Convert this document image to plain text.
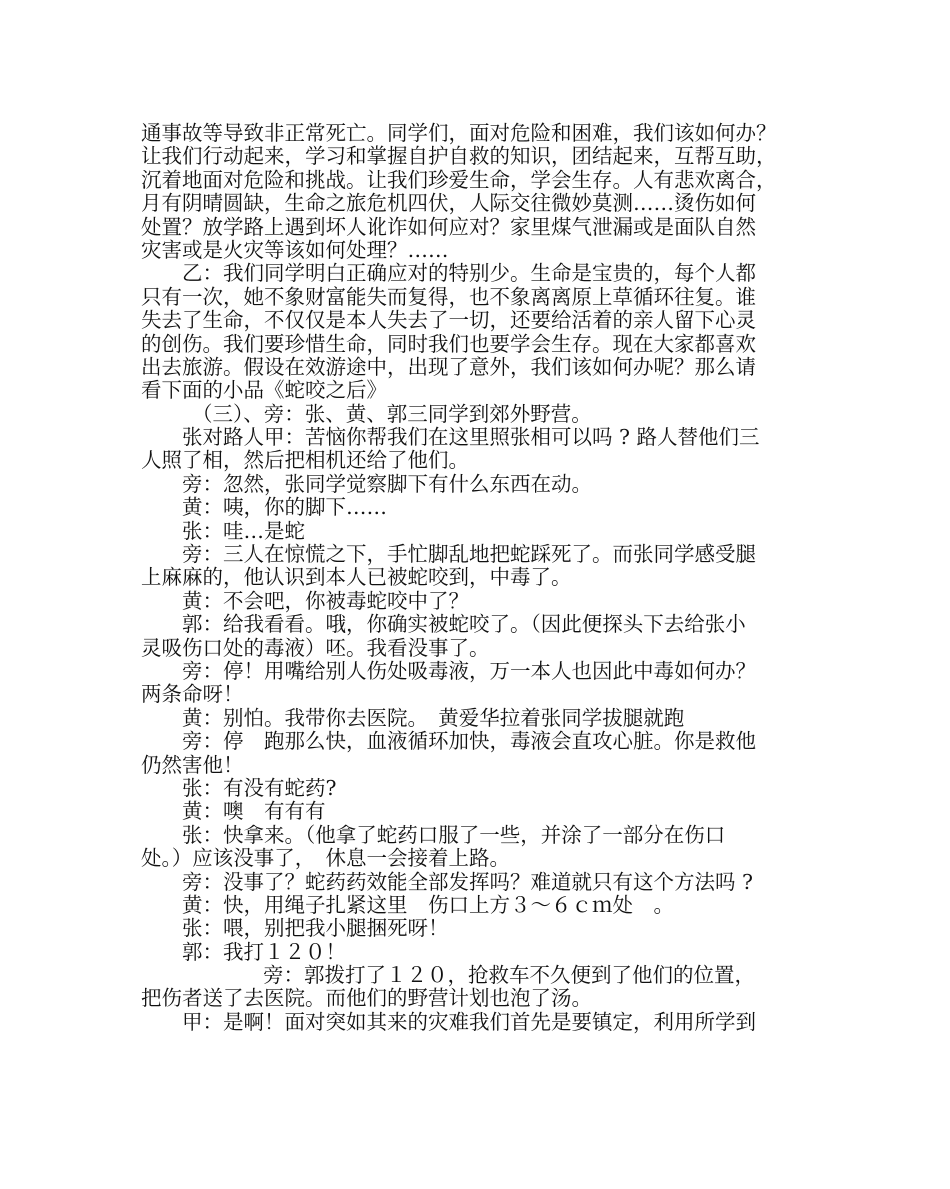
通事故等导致非正常死亡。同学们，面对危险和困难，我们该如何办？
让我们行动起来，学习和掌握自护自救的知识，团结起来，互帮互助，
沉着地面对危险和挑战。让我们珍爱生命，学会生存。人有悲欢离合，
月有阴晴圆缺，生命之旅危机四伏，人际交往微妙莫测……烫伤如何
处置？放学路上遇到坏人讹诈如何应对？家里煤气泄漏或是面队自然
灾害或是火灾等该如何处理？……
乙：我们同学明白正确应对的特别少。生命是宝贵的，每个人都
只有一次，她不象财富能失而复得，也不象离离原上草循环往复。谁
失去了生命，不仅仅是本人失去了一切，还要给活着的亲人留下心灵
的创伤。我们要珍惜生命，同时我们也要学会生存。现在大家都喜欢
出去旅游。假设在效游途中，出现了意外，我们该如何办呢？那么请
看下面的小品《蛇咬之后》
（三）、旁：张、黄、郭三同学到郊外野营。
张对路人甲：苦恼你帮我们在这里照张相可以吗 ? 路人替他们三
人照了相，然后把相机还给了他们。
旁：忽然，张同学觉察脚下有什么东西在动。
黄：咦，你的脚下……
张：哇…是蛇
旁：三人在惊慌之下，手忙脚乱地把蛇踩死了。而张同学感受腿
上麻麻的，他认识到本人已被蛇咬到，中毒了。
黄：不会吧，你被毒蛇咬中了？
郭：给我看看。哦，你确实被蛇咬了。（因此便探头下去给张小
灵吸伤口处的毒液）呸。我看没事了。
旁：停！用嘴给别人伤处吸毒液，万一本人也因此中毒如何办？
两条命呀！
黄：别怕。我带你去医院。　黄爱华拉着张同学拔腿就跑
旁：停　跑那么快，血液循环加快，毒液会直攻心脏。你是救他
仍然害他！
张：有没有蛇药?
黄：噢　有有有
张：快拿来。（他拿了蛇药口服了一些，并涂了一部分在伤口
处。）应该没事了，　休息一会接着上路。
旁：没事了？蛇药药效能全部发挥吗？难道就只有这个方法吗 ?
黄：快，用绳子扎紧这里　伤口上方３～６ｃｍ处　。
张：喂，别把我小腿捆死呀！
郭：我打１２０！
旁：郭拨打了１２０，抢救车不久便到了他们的位置，
把伤者送了去医院。而他们的野营计划也泡了汤。
甲：是啊！面对突如其来的灾难我们首先是要镇定，利用所学到
